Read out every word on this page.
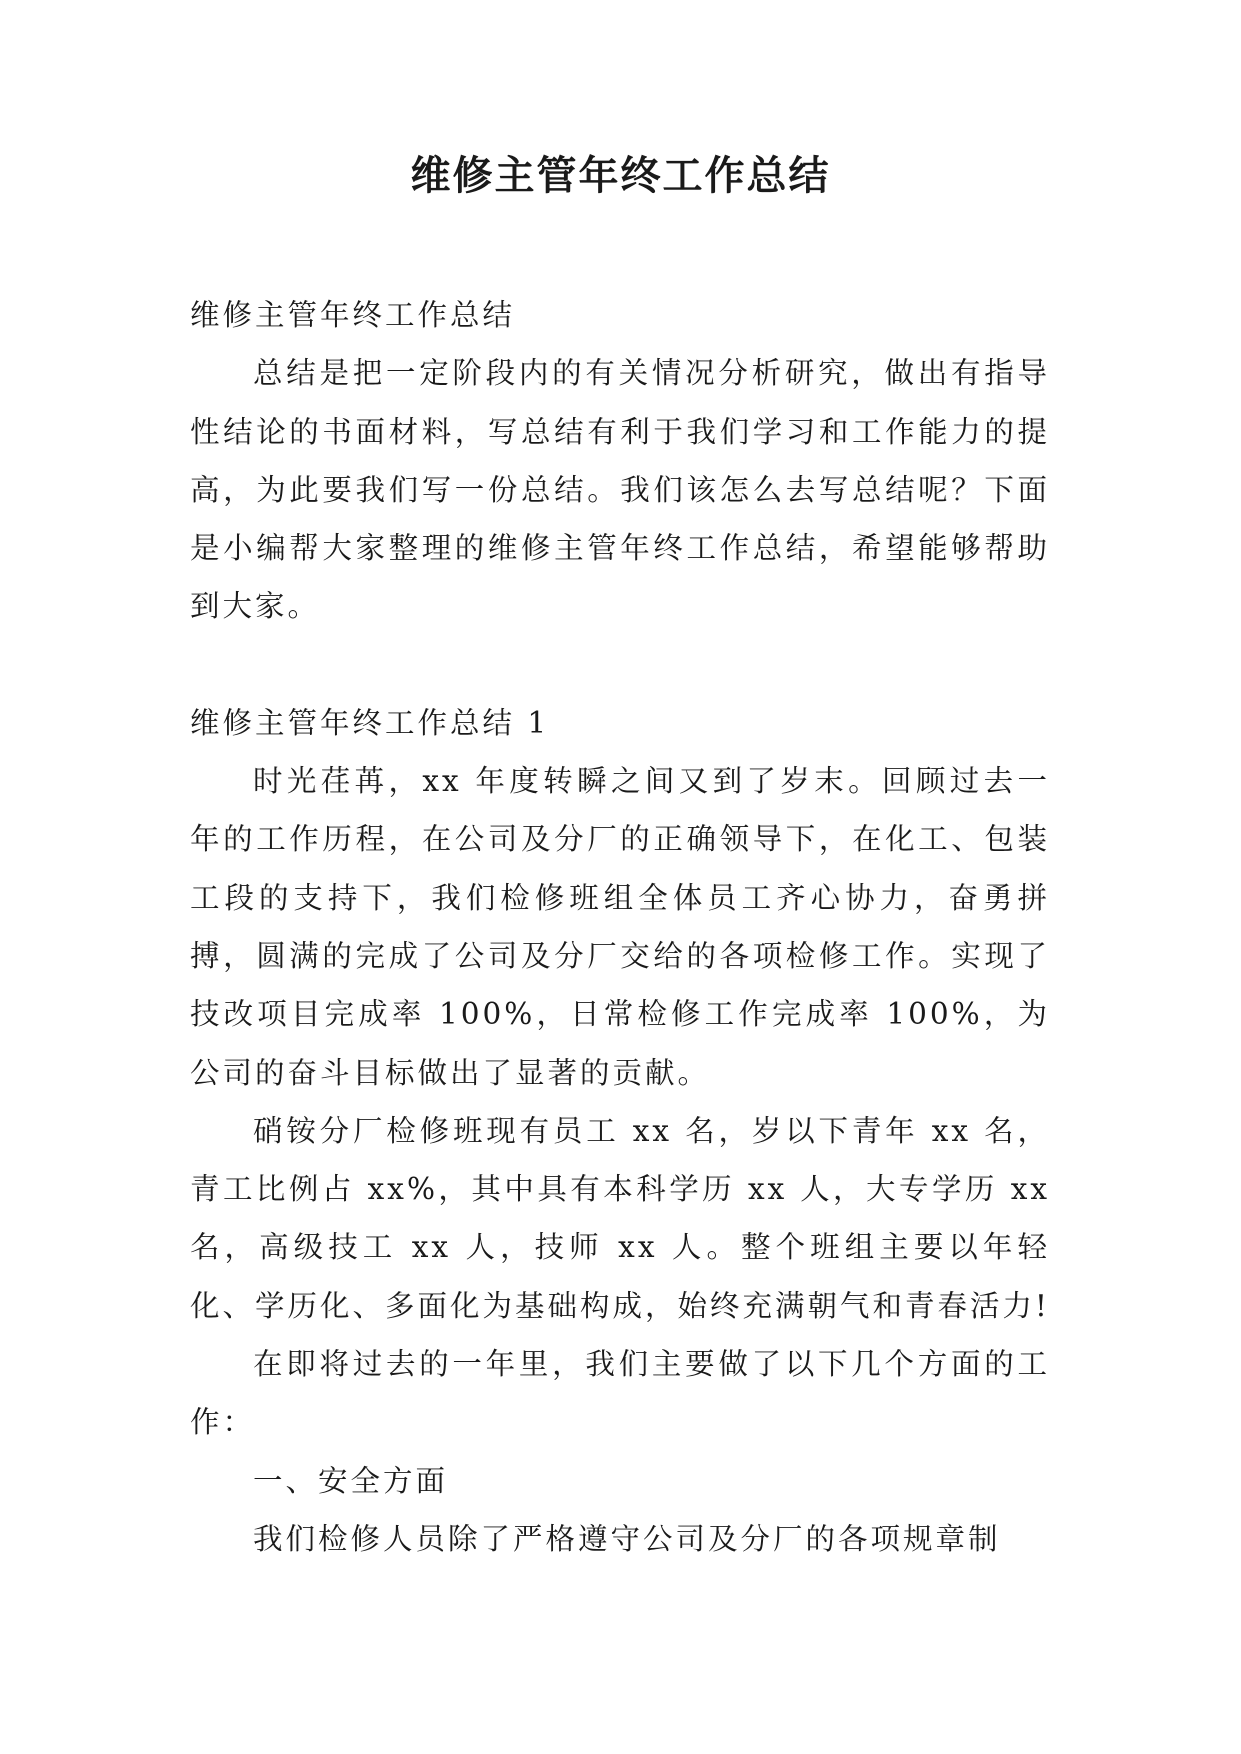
维修主管年终工作总结

维修主管年终工作总结

总结是把一定阶段内的有关情况分析研究，做出有指导性结论的书面材料，写总结有利于我们学习和工作能力的提高，为此要我们写一份总结。我们该怎么去写总结呢？下面是小编帮大家整理的维修主管年终工作总结，希望能够帮助到大家。

维修主管年终工作总结 1

时光荏苒，xx 年度转瞬之间又到了岁末。回顾过去一年的工作历程，在公司及分厂的正确领导下，在化工、包装工段的支持下，我们检修班组全体员工齐心协力，奋勇拼搏，圆满的完成了公司及分厂交给的各项检修工作。实现了技改项目完成率 100%，日常检修工作完成率 100%，为公司的奋斗目标做出了显著的贡献。

硝铵分厂检修班现有员工 xx 名，岁以下青年 xx 名，青工比例占 xx%，其中具有本科学历 xx 人，大专学历 xx 名，高级技工 xx 人，技师 xx 人。整个班组主要以年轻化、学历化、多面化为基础构成，始终充满朝气和青春活力!

在即将过去的一年里，我们主要做了以下几个方面的工作：

一、安全方面

我们检修人员除了严格遵守公司及分厂的各项规章制
